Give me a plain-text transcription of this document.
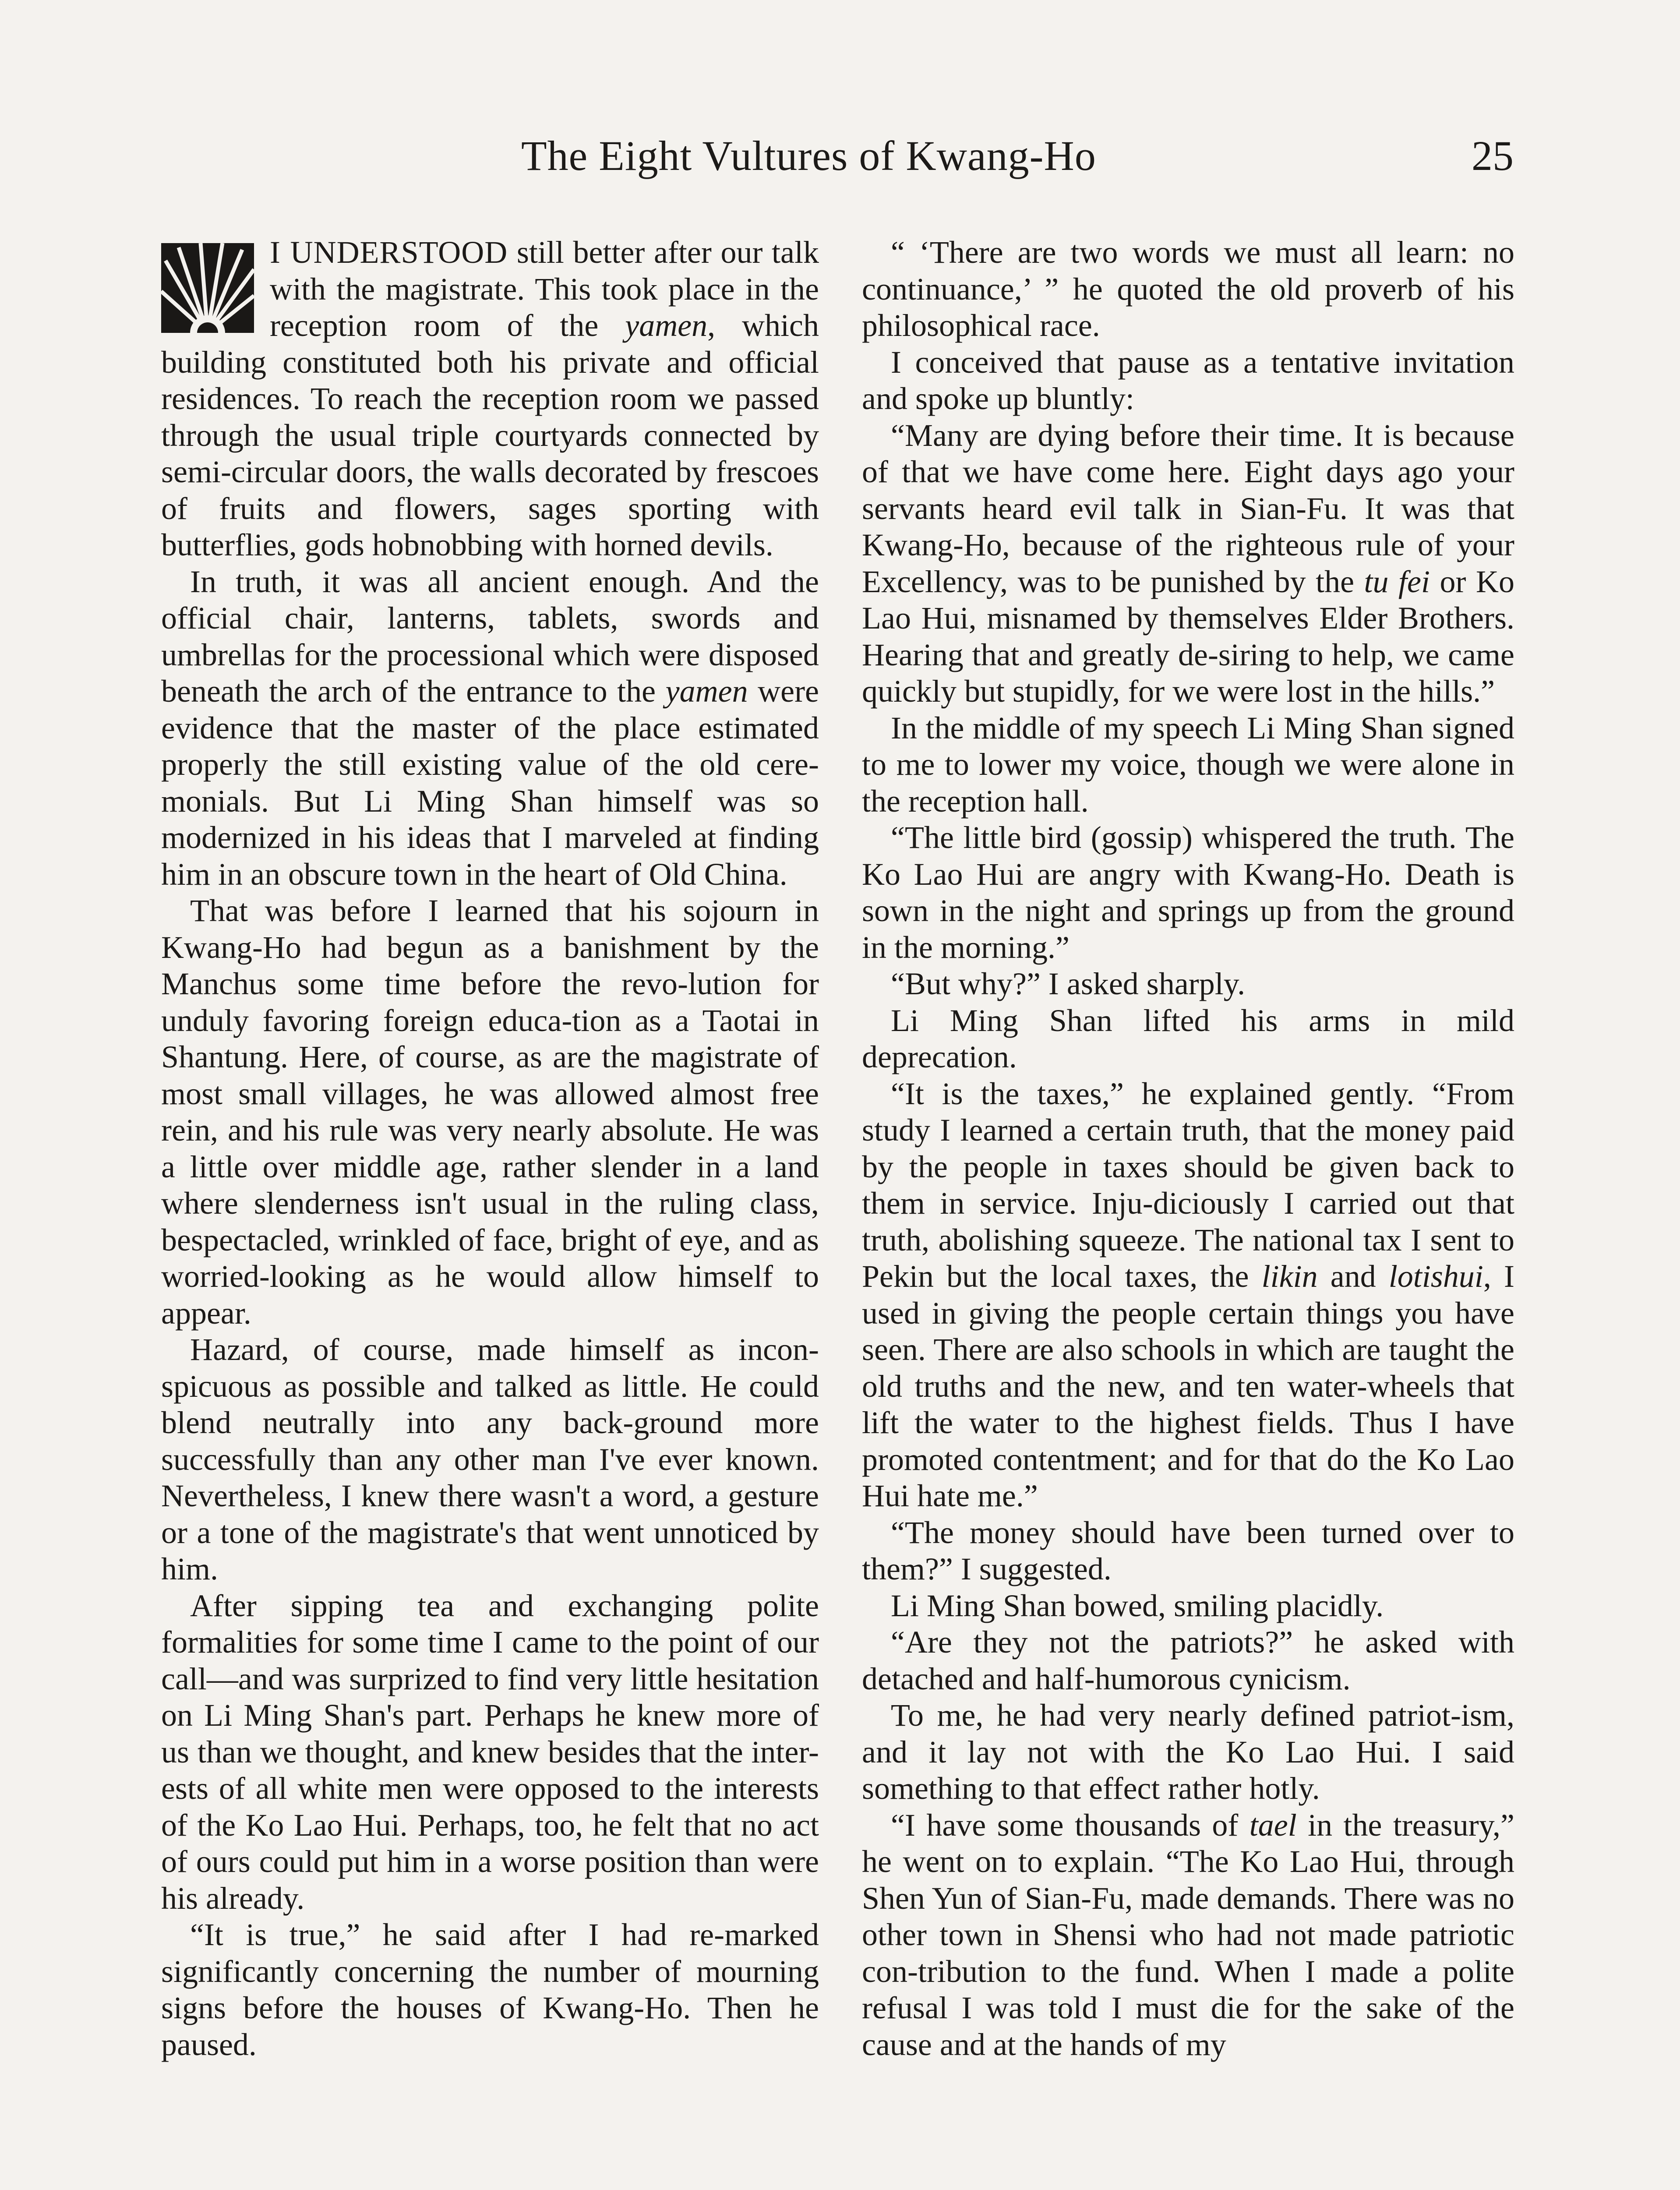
The Eight Vultures of Kwang-Ho	25

I UNDERSTOOD still better after our talk with the magistrate. This took place in the reception room of the yamen, which building constituted both his private and official residences. To reach the reception room we passed through the usual triple courtyards connected by semi-circular doors, the walls decorated by frescoes of fruits and flowers, sages sporting with butterflies, gods hobnobbing with horned devils.

In truth, it was all ancient enough. And the official chair, lanterns, tablets, swords and umbrellas for the processional which were disposed beneath the arch of the entrance to the yamen were evidence that the master of the place estimated properly the still existing value of the old cere-monials. But Li Ming Shan himself was so modernized in his ideas that I marveled at finding him in an obscure town in the heart of Old China.

That was before I learned that his sojourn in Kwang-Ho had begun as a banishment by the Manchus some time before the revo-lution for unduly favoring foreign educa-tion as a Taotai in Shantung. Here, of course, as are the magistrate of most small villages, he was allowed almost free rein, and his rule was very nearly absolute. He was a little over middle age, rather slender in a land where slenderness isn't usual in the ruling class, bespectacled, wrinkled of face, bright of eye, and as worried-looking as he would allow himself to appear.

Hazard, of course, made himself as incon-spicuous as possible and talked as little. He could blend neutrally into any back-ground more successfully than any other man I've ever known. Nevertheless, I knew there wasn't a word, a gesture or a tone of the magistrate's that went unnoticed by him.

After sipping tea and exchanging polite formalities for some time I came to the point of our call—and was surprized to find very little hesitation on Li Ming Shan's part. Perhaps he knew more of us than we thought, and knew besides that the inter-ests of all white men were opposed to the interests of the Ko Lao Hui. Perhaps, too, he felt that no act of ours could put him in a worse position than were his already.

“It is true,” he said after I had re-marked significantly concerning the number of mourning signs before the houses of Kwang-Ho. Then he paused.

“ ‘There are two words we must all learn: no continuance,’ ” he quoted the old proverb of his philosophical race.

I conceived that pause as a tentative invitation and spoke up bluntly:

“Many are dying before their time. It is because of that we have come here. Eight days ago your servants heard evil talk in Sian-Fu. It was that Kwang-Ho, because of the righteous rule of your Excellency, was to be punished by the tu fei or Ko Lao Hui, misnamed by themselves Elder Brothers. Hearing that and greatly de-siring to help, we came quickly but stupidly, for we were lost in the hills.”

In the middle of my speech Li Ming Shan signed to me to lower my voice, though we were alone in the reception hall.

“The little bird (gossip) whispered the truth. The Ko Lao Hui are angry with Kwang-Ho. Death is sown in the night and springs up from the ground in the morning.”

“But why?” I asked sharply.

Li Ming Shan lifted his arms in mild deprecation.

“It is the taxes,” he explained gently. “From study I learned a certain truth, that the money paid by the people in taxes should be given back to them in service. Inju-diciously I carried out that truth, abolishing squeeze. The national tax I sent to Pekin but the local taxes, the likin and lotishui, I used in giving the people certain things you have seen. There are also schools in which are taught the old truths and the new, and ten water-wheels that lift the water to the highest fields. Thus I have promoted contentment; and for that do the Ko Lao Hui hate me.”

“The money should have been turned over to them?” I suggested.

Li Ming Shan bowed, smiling placidly.

“Are they not the patriots?” he asked with detached and half-humorous cynicism.

To me, he had very nearly defined patriot-ism, and it lay not with the Ko Lao Hui. I said something to that effect rather hotly.

“I have some thousands of tael in the treasury,” he went on to explain. “The Ko Lao Hui, through Shen Yun of Sian-Fu, made demands. There was no other town in Shensi who had not made patriotic con-tribution to the fund. When I made a polite refusal I was told I must die for the sake of the cause and at the hands of my
